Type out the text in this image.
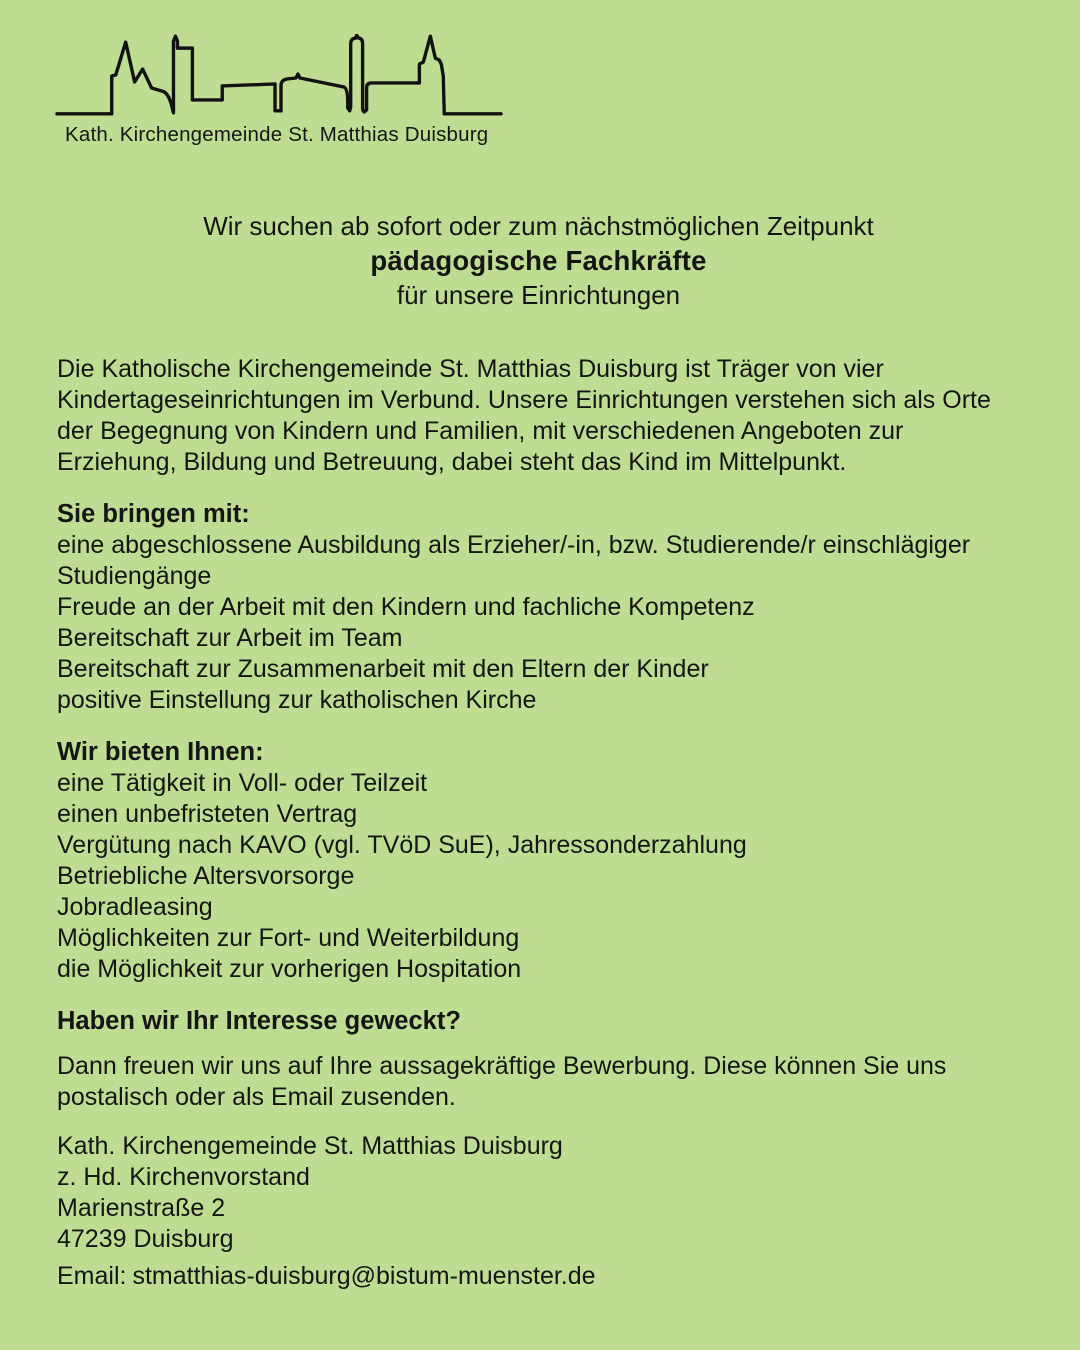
Kath. Kirchengemeinde St. Matthias Duisburg
Wir suchen ab sofort oder zum nächstmöglichen Zeitpunkt
pädagogische Fachkräfte
für unsere Einrichtungen

Die Katholische Kirchengemeinde St. Matthias Duisburg ist Träger von vier Kindertageseinrichtungen im Verbund. Unsere Einrichtungen verstehen sich als Orte der Begegnung von Kindern und Familien, mit verschiedenen Angeboten zur Erziehung, Bildung und Betreuung, dabei steht das Kind im Mittelpunkt.

Sie bringen mit:
eine abgeschlossene Ausbildung als Erzieher/-in, bzw. Studierende/r einschlägiger Studiengänge
Freude an der Arbeit mit den Kindern und fachliche Kompetenz
Bereitschaft zur Arbeit im Team
Bereitschaft zur Zusammenarbeit mit den Eltern der Kinder
positive Einstellung zur katholischen Kirche
Wir bieten Ihnen:
eine Tätigkeit in Voll- oder Teilzeit
einen unbefristeten Vertrag
Vergütung nach KAVO (vgl. TVöD SuE), Jahressonderzahlung
Betriebliche Altersvorsorge
Jobradleasing
Möglichkeiten zur Fort- und Weiterbildung
die Möglichkeit zur vorherigen Hospitation
Haben wir Ihr Interesse geweckt?

Dann freuen wir uns auf Ihre aussagekräftige Bewerbung. Diese können Sie uns postalisch oder als Email zusenden.

Kath. Kirchengemeinde St. Matthias Duisburg
z. Hd. Kirchenvorstand
Marienstraße 2
47239 Duisburg

Email: stmatthias-duisburg@bistum-muenster.de
